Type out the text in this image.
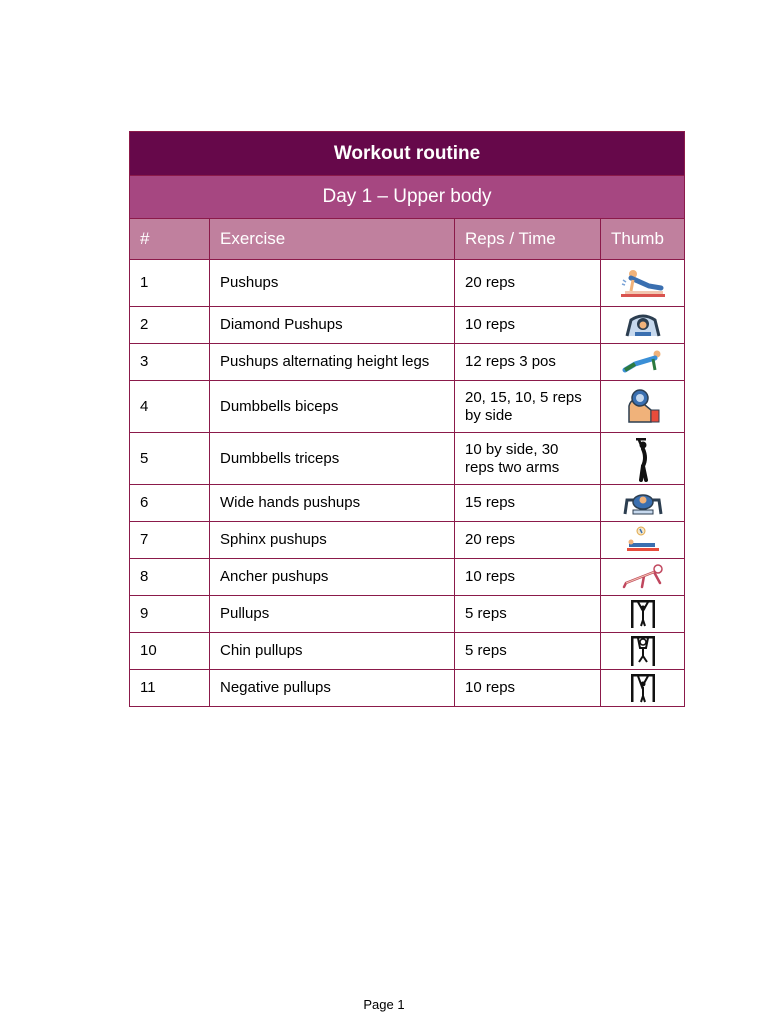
Workout routine			
Day 1 – Upper body			
#	Exercise	Reps / Time	Thumb
1	Pushups	20 reps	

2	Diamond Pushups	10 reps	

3	Pushups alternating height legs	12 reps 3 pos	

4	Dumbbells biceps	20, 15, 10, 5 reps by side	

5	Dumbbells triceps	10 by side, 30 reps two arms	

6	Wide hands pushups	15 reps	

7	Sphinx pushups	20 reps	

8	Ancher pushups	10 reps	

9	Pullups	5 reps	

10	Chin pullups	5 reps	

11	Negative pullups	10 reps	
Page 1
